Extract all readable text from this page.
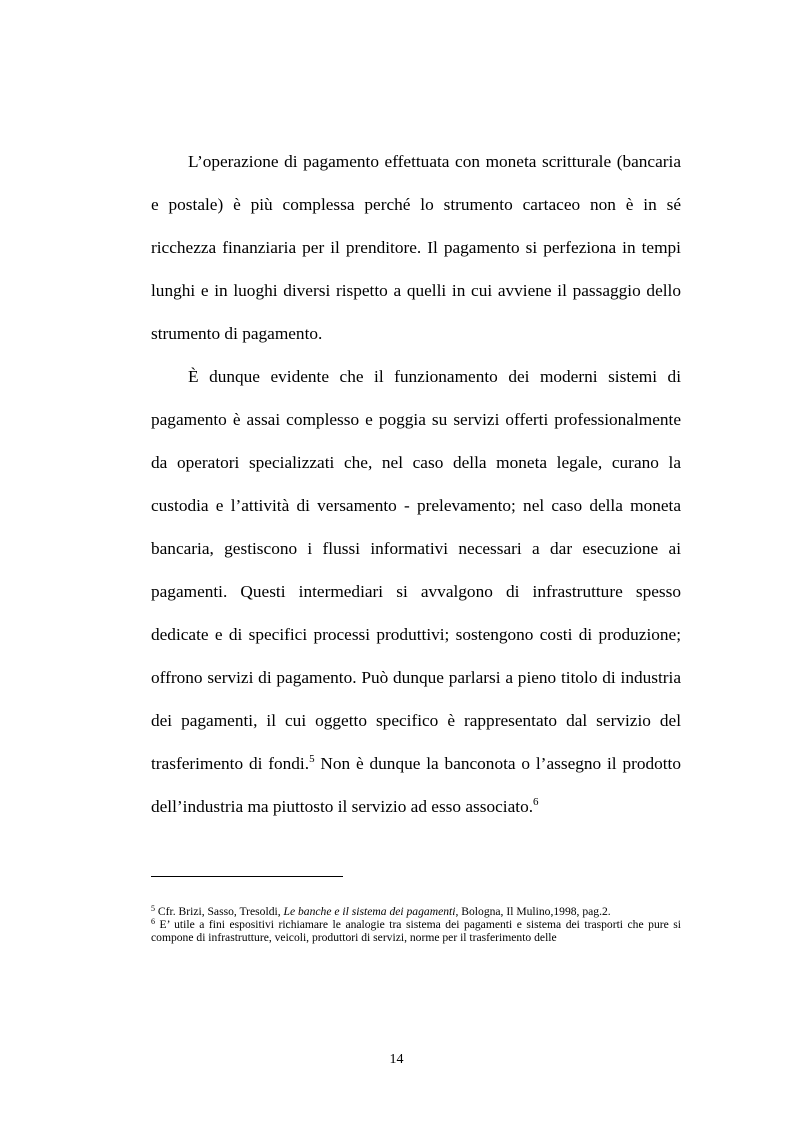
L’operazione di pagamento effettuata con moneta scritturale (bancaria e postale) è più complessa perché lo strumento cartaceo non è in sé ricchezza finanziaria per il prenditore. Il pagamento si perfeziona in tempi lunghi e in luoghi diversi rispetto a quelli in cui avviene il passaggio dello strumento di pagamento.

È dunque evidente che il funzionamento dei moderni sistemi di pagamento è assai complesso e poggia su servizi offerti professionalmente da operatori specializzati che, nel caso della moneta legale, curano la custodia e l’attività di versamento - prelevamento; nel caso della moneta bancaria, gestiscono i flussi informativi necessari a dar esecuzione ai pagamenti. Questi intermediari si avvalgono di infrastrutture spesso dedicate e di specifici processi produttivi; sostengono costi di produzione; offrono servizi di pagamento. Può dunque parlarsi a pieno titolo di industria dei pagamenti, il cui oggetto specifico è rappresentato dal servizio del trasferimento di fondi.$^5$ Non è dunque la banconota o l’assegno il prodotto dell’industria ma piuttosto il servizio ad esso associato.$^6$

$^5$ Cfr. Brizi, Sasso, Tresoldi, Le banche e il sistema dei pagamenti, Bologna, Il Mulino,1998, pag.2.

$^6$ E’ utile a fini espositivi richiamare le analogie tra sistema dei pagamenti e sistema dei trasporti che pure si compone di infrastrutture, veicoli, produttori di servizi, norme per il trasferimento delle

14
